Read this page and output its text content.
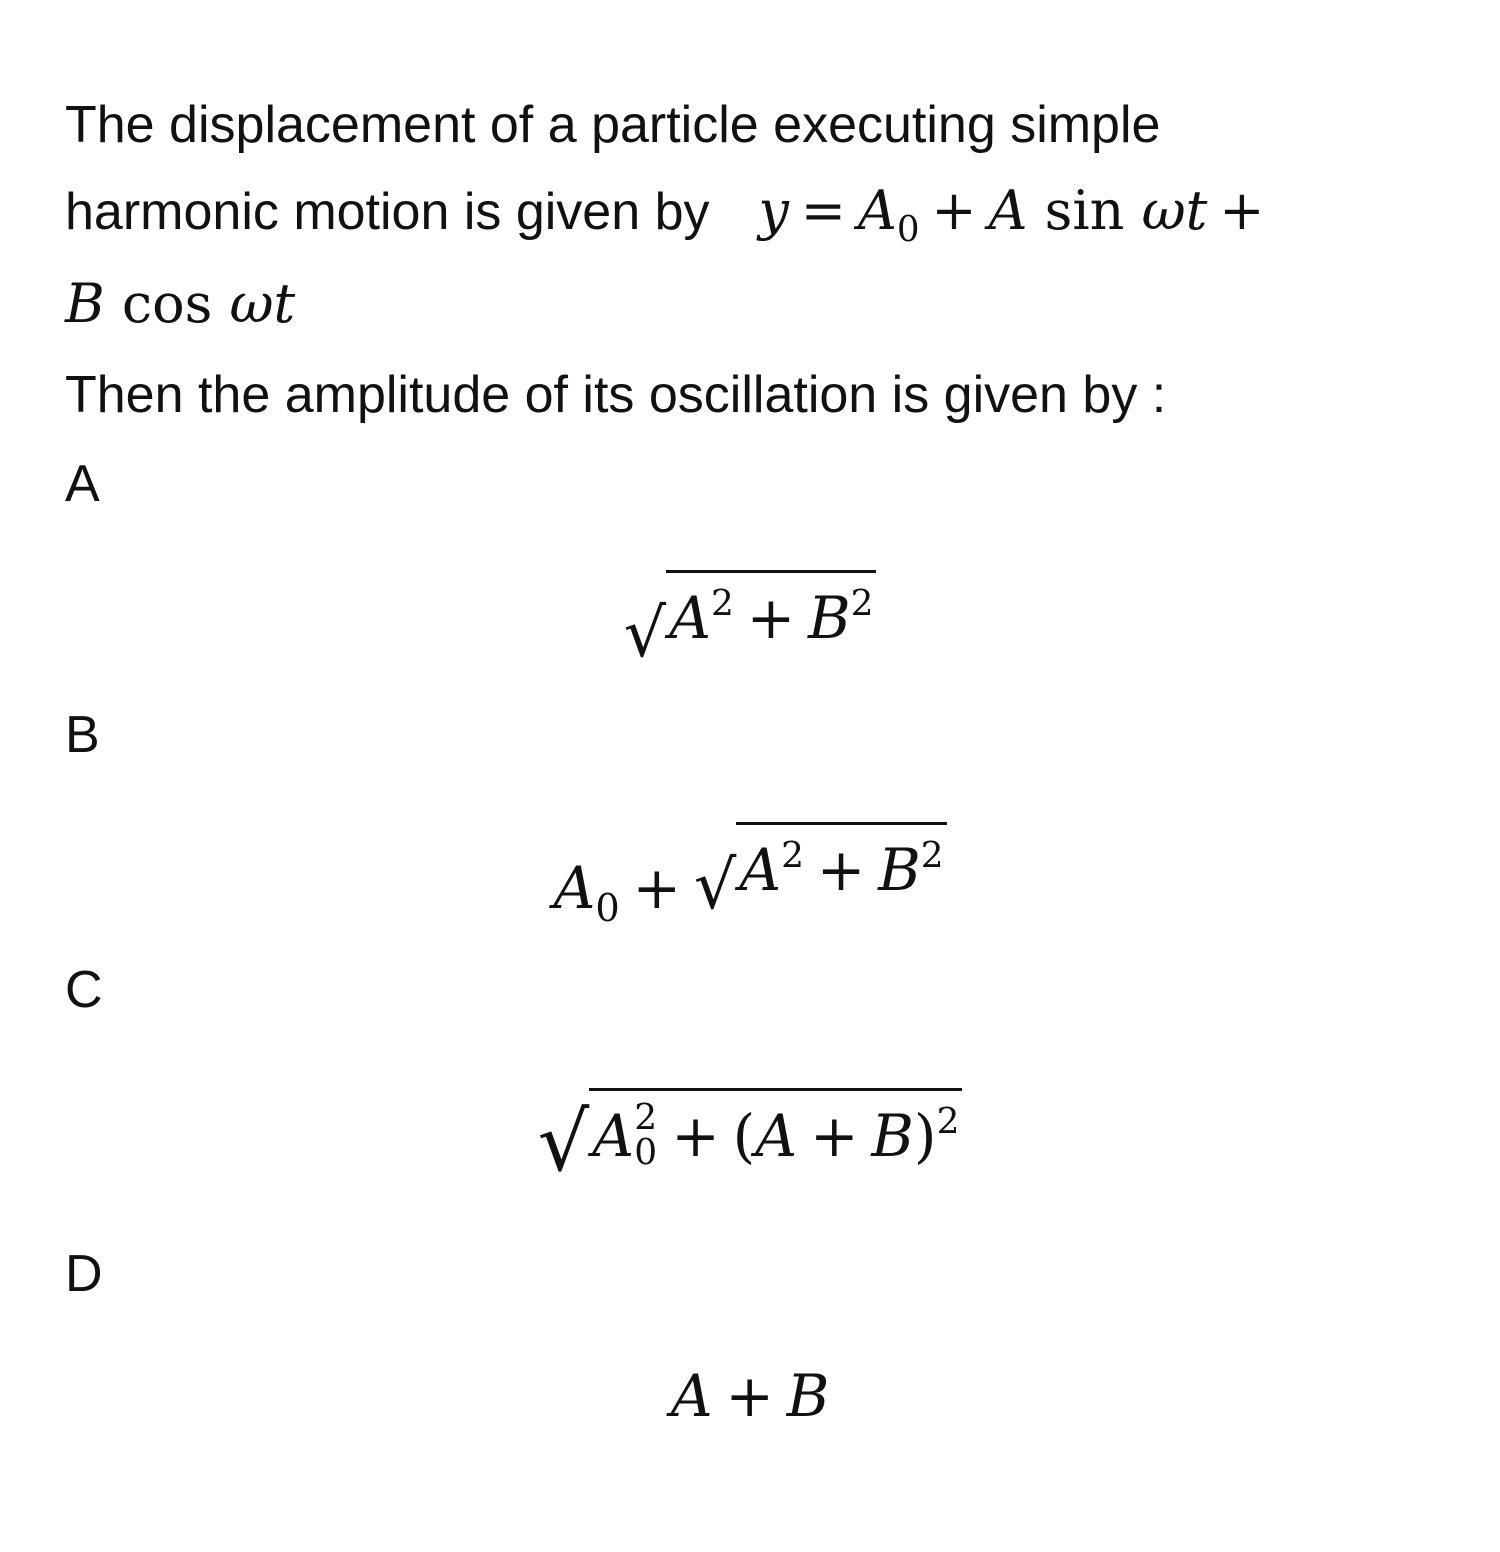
The displacement of a particle executing simple
harmonic motion is given by $y = A_0 + A$ sin ωt +
B cos ωt
Then the amplitude of its oscillation is given by :
A
√ $A^2 + B^2$
B
$A_0$ + √ $A^2 + B^2$
C
√ A 2
$0 + (A + B)^2$
D
A + B
